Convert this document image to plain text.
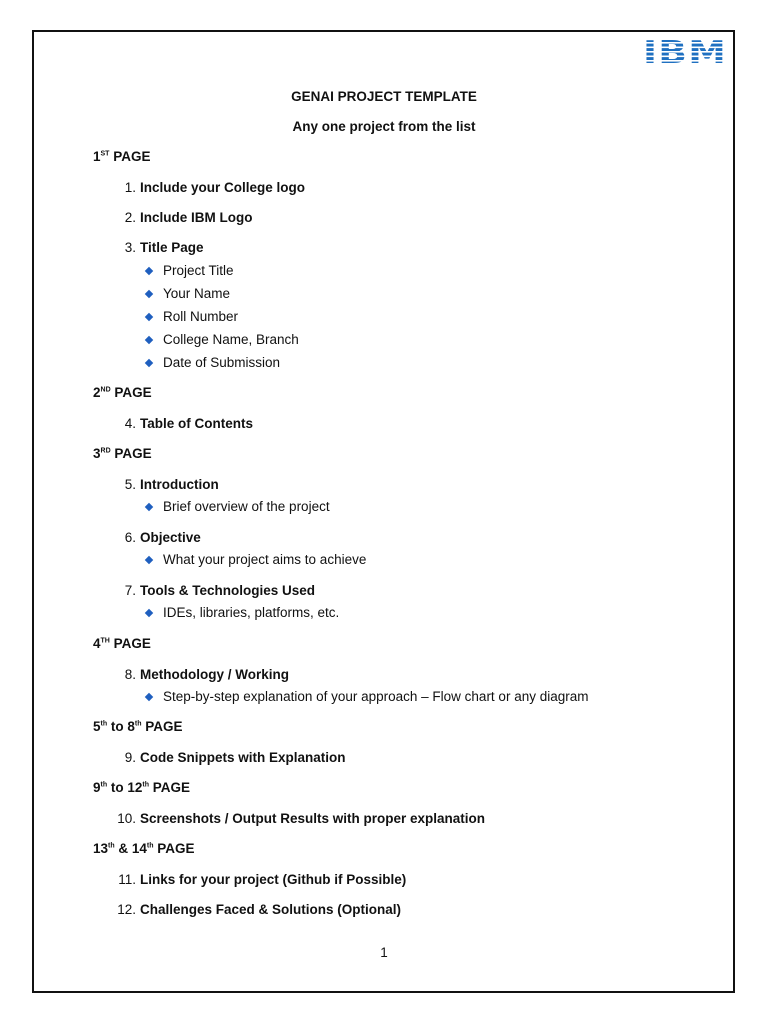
GENAI PROJECT TEMPLATE
Any one project from the list
1ST PAGE
1. Include your College logo
2. Include IBM Logo
3. Title Page
Project Title
Your Name
Roll Number
College Name, Branch
Date of Submission
2ND PAGE
4. Table of Contents
3RD PAGE
5. Introduction
Brief overview of the project
6. Objective
What your project aims to achieve
7. Tools & Technologies Used
IDEs, libraries, platforms, etc.
4TH PAGE
8. Methodology / Working
Step-by-step explanation of your approach – Flow chart or any diagram
5th to 8th PAGE
9. Code Snippets with Explanation
9th to 12th PAGE
10. Screenshots / Output Results with proper explanation
13th & 14th PAGE
11. Links for your project (Github if Possible)
12. Challenges Faced & Solutions (Optional)
1
